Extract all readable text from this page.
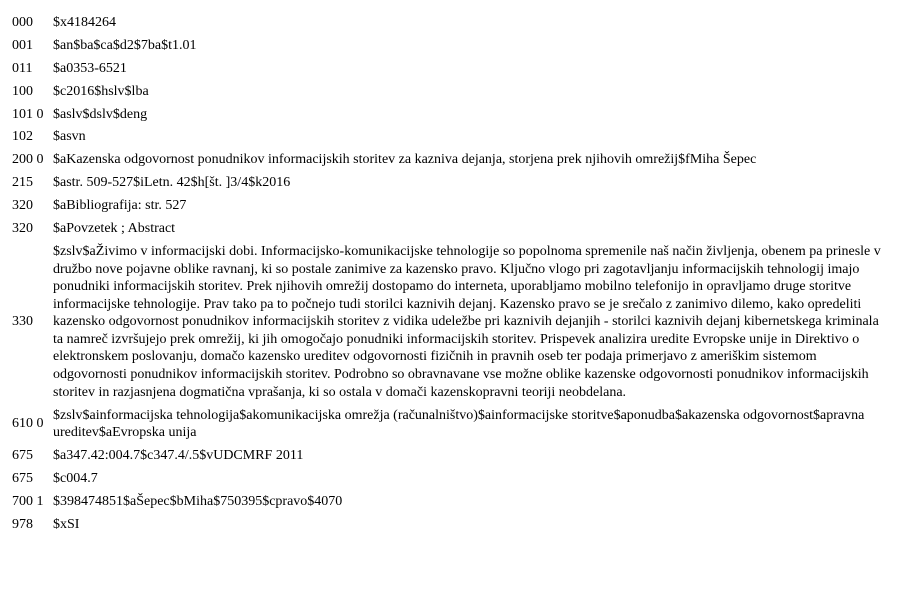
000	$x4184264
001	$an$ba$ca$d2$7ba$t1.01
011	$a0353-6521
100	$c2016$hslv$lba
101 0	$aslv$dslv$deng
102	$asvn
200 0	$aKazenska odgovornost ponudnikov informacijskih storitev za kazniva dejanja, storjena prek njihovih omrežij$fMiha Šepec
215	$astr. 509-527$iLetn. 42$h[št. ]3/4$k2016
320	$aBibliografija: str. 527
320	$aPovzetek ; Abstract
330	$zslv$aŽivimo v informacijski dobi. Informacijsko-komunikacijske tehnologije so popolnoma spremenile naš način življenja, obenem pa prinesle v družbo nove pojavne oblike ravnanj, ki so postale zanimive za kazensko pravo. Ključno vlogo pri zagotavljanju informacijskih tehnologij imajo ponudniki informacijskih storitev. Prek njihovih omrežij dostopamo do interneta, uporabljamo mobilno telefonijo in opravljamo druge storitve informacijske tehnologije. Prav tako pa to počnejo tudi storilci kaznivih dejanj. Kazensko pravo se je srečalo z zanimivo dilemo, kako opredeliti kazensko odgovornost ponudnikov informacijskih storitev z vidika udeležbe pri kaznivih dejanjih - storilci kaznivih dejanj kibernetskega kriminala ta namreč izvršujejo prek omrežij, ki jih omogočajo ponudniki informacijskih storitev. Prispevek analizira uredite Evropske unije in Direktivo o elektronskem poslovanju, domačo kazensko ureditev odgovornosti fizičnih in pravnih oseb ter podaja primerjavo z ameriškim sistemom odgovornosti ponudnikov informacijskih storitev. Podrobno so obravnavane vse možne oblike kazenske odgovornosti ponudnikov informacijskih storitev in razjasnjena dogmatična vprašanja, ki so ostala v domači kazenskopravni teoriji neobdelana.
610 0	$zslv$ainformacijska tehnologija$akomunikacijska omrežja (računalništvo)$ainformacijske storitve$aponudba$akazenska odgovornost$apravna ureditev$aEvropska unija
675	$a347.42:004.7$c347.4/.5$vUDCMRF 2011
675	$c004.7
700 1	$398474851$aŠepec$bMiha$750395$cpravo$4070
978	$xSI
